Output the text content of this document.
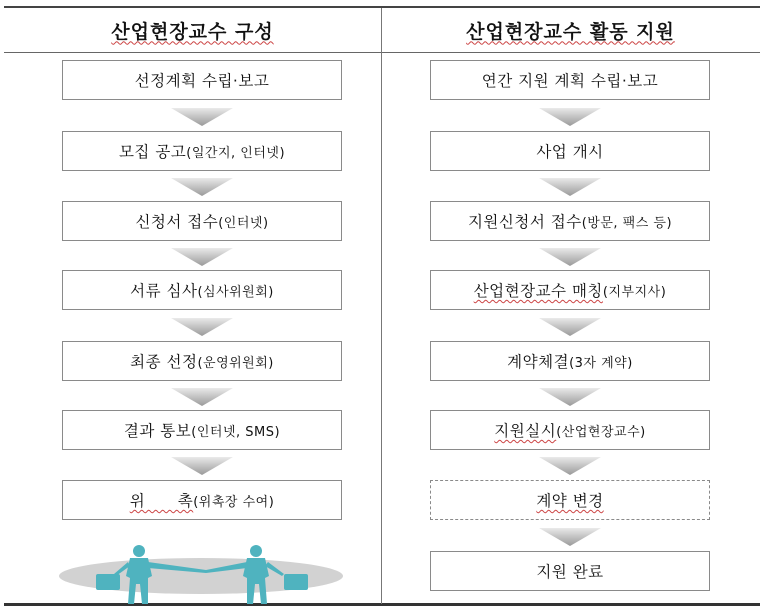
산업현장교수 구성	산업현장교수 활동 지원
선정계획 수립·보고
모집 공고 (일간지, 인터넷)
신청서 접수 (인터넷)
서류 심사 (심사위원회)
최종 선정 (운영위원회)
결과 통보 (인터넷, SMS)
위      촉 (위촉장 수여)
연간 지원 계획 수립·보고
사업 개시
지원신청서 접수 (방문, 팩스 등)
산업현장교수 매칭 (지부지사)
계약체결 (3자 계약)
지원실시 (산업현장교수)
계약 변경
지원 완료
